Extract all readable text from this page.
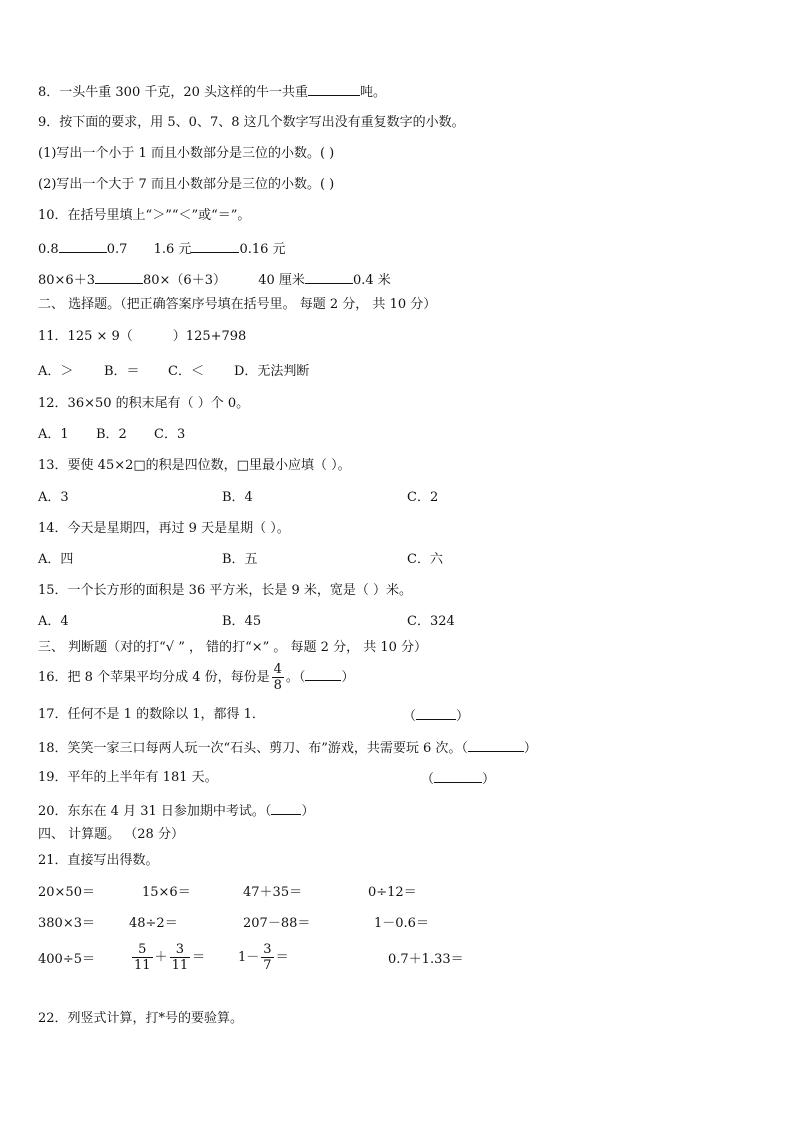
8．一头牛重 300 千克，20 头这样的牛一共重	吨。
9．按下面的要求，用 5、0、7、8 这几个数字写出没有重复数字的小数。
(1)写出一个小于 1 而且小数部分是三位的小数。( )
(2)写出一个大于 7 而且小数部分是三位的小数。( )
10．在括号里填上“＞”“＜”或“＝”。
0.8	0.7 1.6 元	0.16 元
80×6＋3	80×（6＋3） 40 厘米	0.4 米
二、 选择题。（把正确答案序号填在括号里。 每题 2 分， 共 10 分）
11．125 × 9（	）125+798
A．＞ B．＝ C．＜ D．无法判断
12．36×50 的积末尾有（ ）个 0。
A．1 B．2 C．3
13．要使 45×2□的积是四位数，□里最小应填（ ）。
A．3	B．4	C．2
14．今天是星期四，再过 9 天是星期（ ）。
A．四	B．五	C．六
15．一个长方形的面积是 36 平方米，长是 9 米，宽是（ ）米。
A．4	B．45	C．324
三、 判断题（对的打“√ ” ， 错的打“×” 。 每题 2 分， 共 10 分）
16．把 8 个苹果平均分成 4 份，每份是 $\frac{4}{8}$ 。（	）
17．任何不是 1 的数除以 1，都得 1．	（	）
18．笑笑一家三口每两人玩一次“石头、剪刀、布”游戏，共需要玩 6 次。（	）
19．平年的上半年有 181 天。	（	）
20．东东在 4 月 31 日参加期中考试。（ ）
四、 计算题。 （28 分）
21．直接写出得数。
20×50＝	15×6＝	47＋35＝	0÷12＝
380×3＝	48÷2＝	207－88＝	1－0.6＝
400÷5＝	$\frac{5}{11} + \frac{3}{11}$ ＝	$1- \frac{3}{7}$ ＝	0.7＋1.33＝
22．列竖式计算，打*号的要验算。
